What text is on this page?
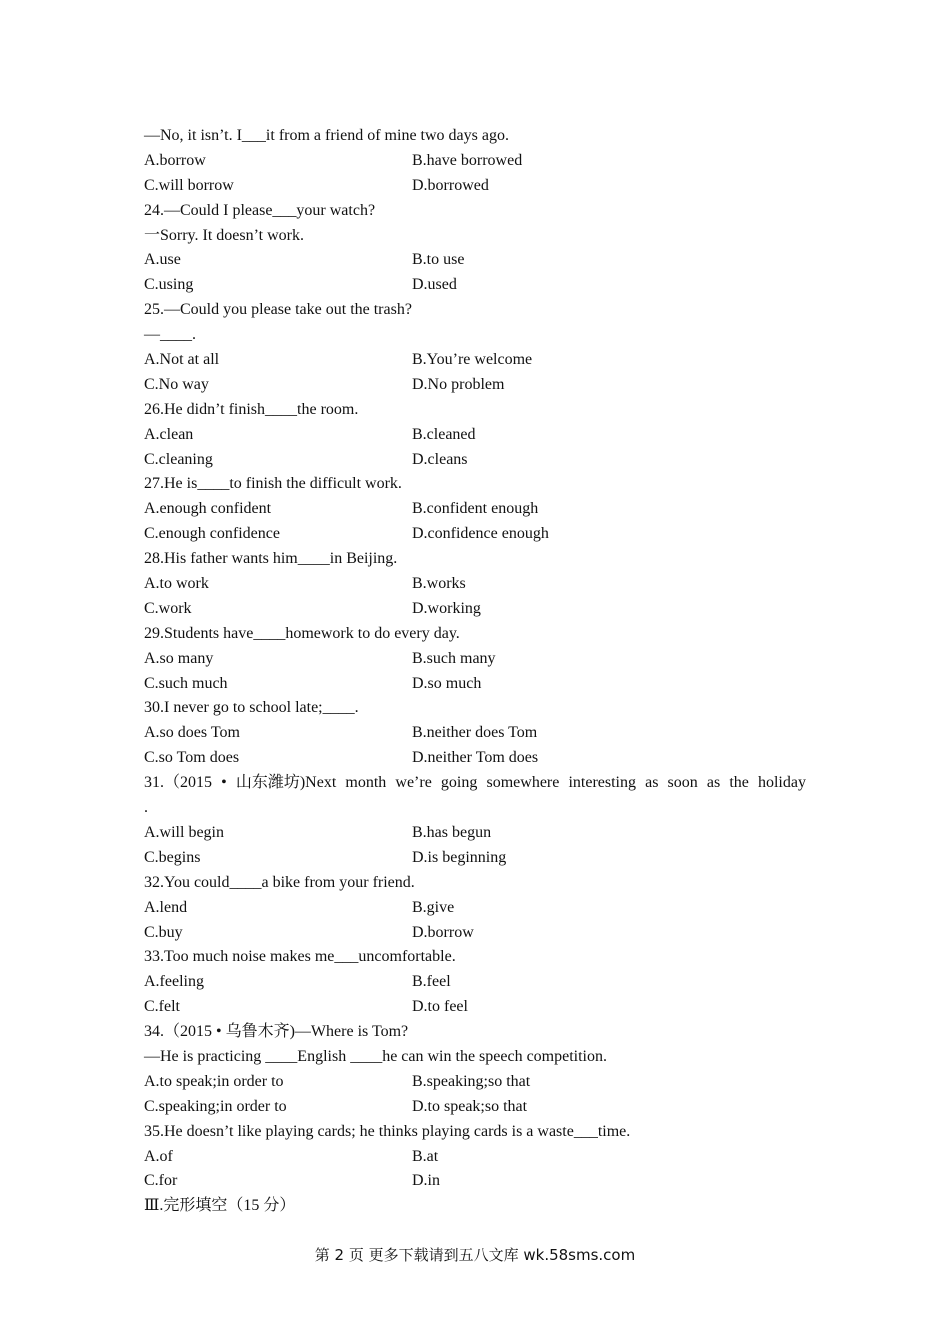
—No, it isn’t. I___it from a friend of mine two days ago.
A.borrow	B.have borrowed
C.will borrow	D.borrowed
24.—Could I please___your watch?
一Sorry. It doesn’t work.
A.use	B.to use
C.using	D.used
25.—Could you please take out the trash?
—____.
A.Not at all	B.You’re welcome
C.No way	D.No problem
26.He didn’t finish____the room.
A.clean	B.cleaned
C.cleaning	D.cleans
27.He is____to finish the difficult work.
A.enough confident	B.confident enough
C.enough confidence	D.confidence enough
28.His father wants him____in Beijing.
A.to work	B.works
C.work	D.working
29.Students have____homework to do every day.
A.so many	B.such many
C.such much	D.so much
30.I never go to school late;____.
A.so does Tom	B.neither does Tom
C.so Tom does	D.neither Tom does
31.（2015 • 山东潍坊)Next month we’re going somewhere interesting as soon as the holiday
.
A.will begin	B.has begun
C.begins	D.is beginning
32.You could____a bike from your friend.
A.lend	B.give
C.buy	D.borrow
33.Too much noise makes me___uncomfortable.
A.feeling	B.feel
C.felt	D.to feel
34.（2015 • 乌鲁木齐)—Where is Tom?
—He is practicing ____English ____he can win the speech competition.
A.to speak;in order to	B.speaking;so that
C.speaking;in order to	D.to speak;so that
35.He doesn’t like playing cards; he thinks playing cards is a waste___time.
A.of	B.at
C.for	D.in
Ⅲ.完形填空（15 分）
第 2 页 更多下载请到五八文库 wk.58sms.com
